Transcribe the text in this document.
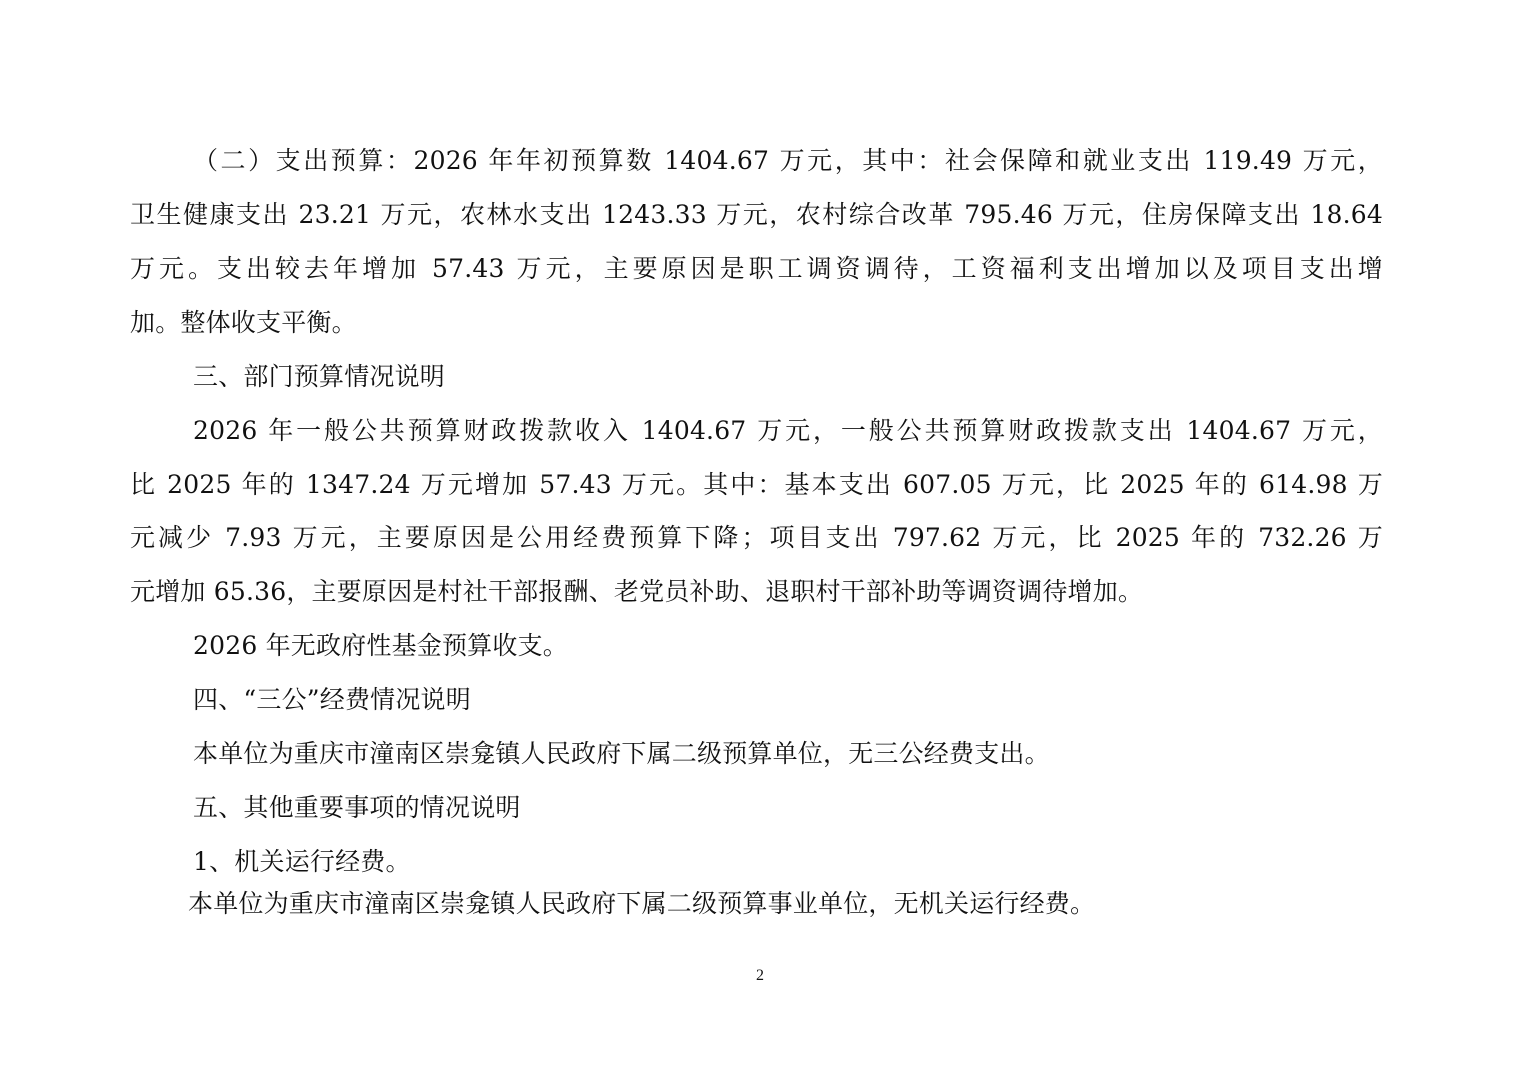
（二）支出预算：2026 年年初预算数 1404.67 万元，其中：社会保障和就业支出 119.49 万元，
卫生健康支出 23.21 万元，农林水支出 1243.33 万元，农村综合改革 795.46 万元，住房保障支出 18.64
万元。支出较去年增加 57.43 万元，主要原因是职工调资调待，工资福利支出增加以及项目支出增
加。整体收支平衡。
三、部门预算情况说明
2026 年一般公共预算财政拨款收入 1404.67 万元，一般公共预算财政拨款支出 1404.67 万元，
比 2025 年的 1347.24 万元增加 57.43 万元。其中：基本支出 607.05 万元，比 2025 年的 614.98 万
元减少 7.93 万元，主要原因是公用经费预算下降；项目支出 797.62 万元，比 2025 年的 732.26 万
元增加 65.36，主要原因是村社干部报酬、老党员补助、退职村干部补助等调资调待增加。
2026 年无政府性基金预算收支。
四、“三公”经费情况说明
本单位为重庆市潼南区崇龛镇人民政府下属二级预算单位，无三公经费支出。
五、其他重要事项的情况说明
1、机关运行经费。
本单位为重庆市潼南区崇龛镇人民政府下属二级预算事业单位，无机关运行经费。
2
